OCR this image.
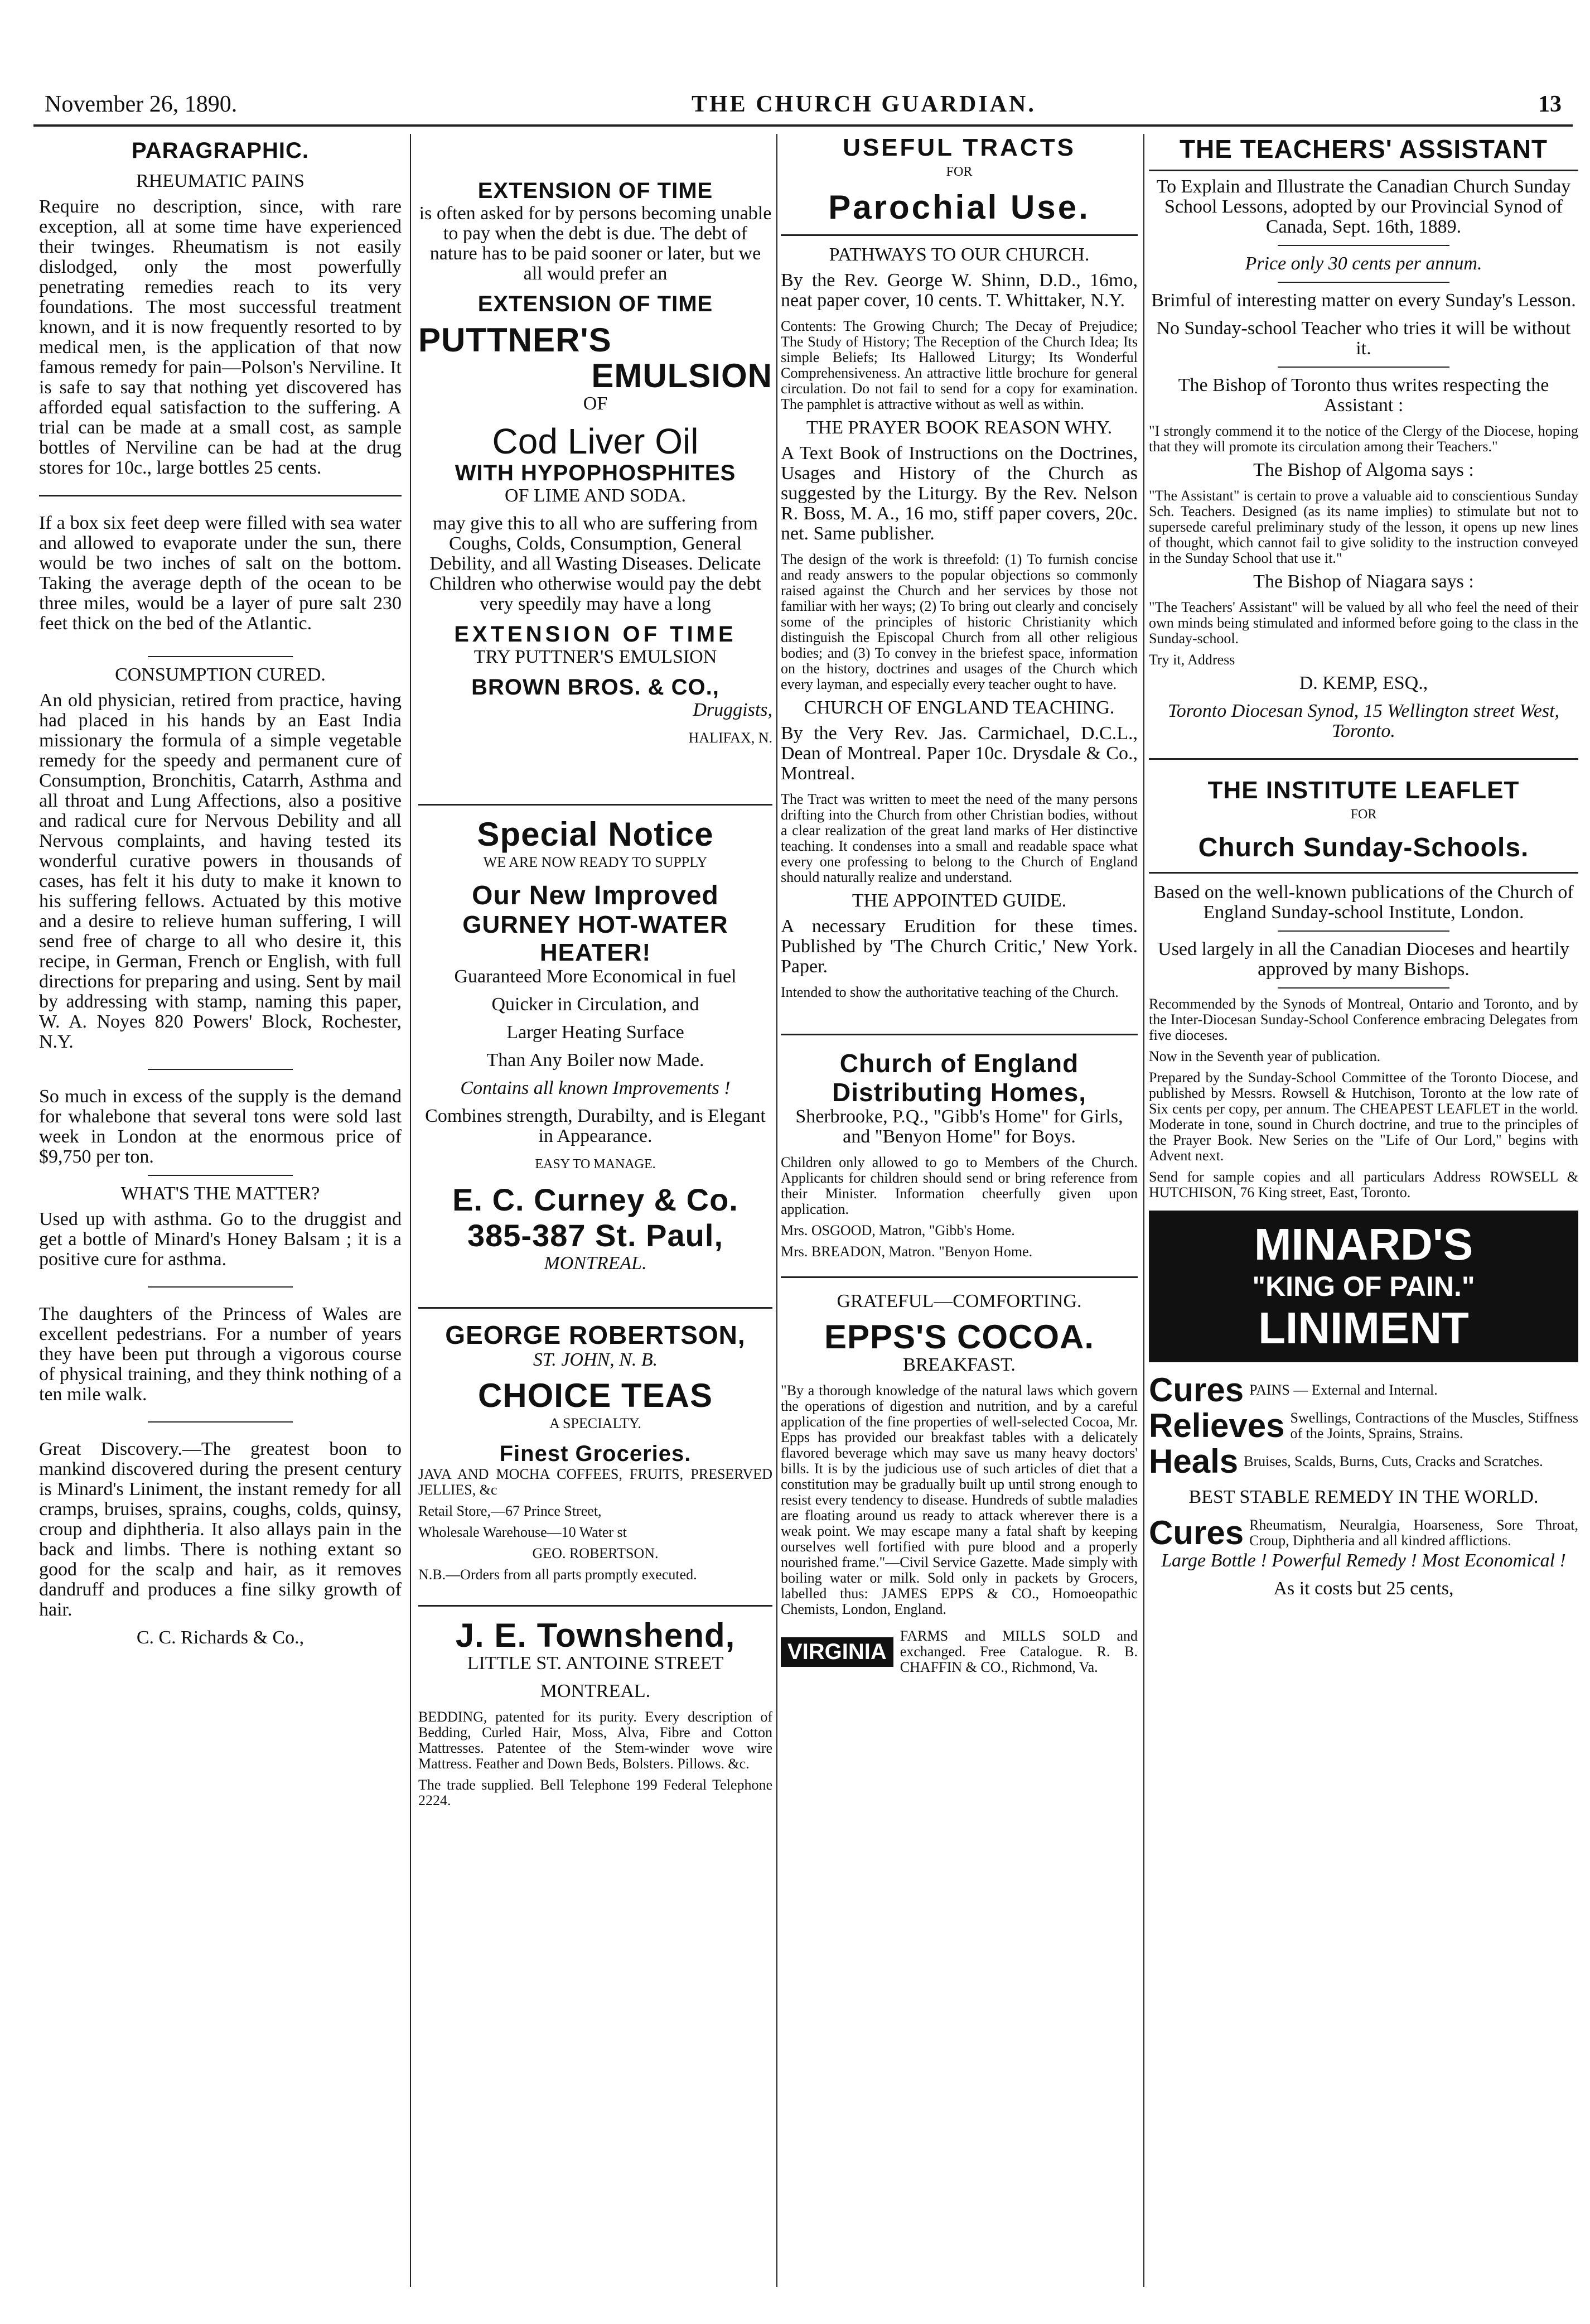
November 26, 1890.	THE CHURCH GUARDIAN.	13
PARAGRAPHIC.
RHEUMATIC PAINS

Require no description, since, with rare exception, all at some time have experienced their twinges. Rheumatism is not easily dislodged, only the most powerfully penetrating remedies reach to its very foundations. The most successful treatment known, and it is now frequently resorted to by medical men, is the application of that now famous remedy for pain—Polson's Nerviline. It is safe to say that nothing yet discovered has afforded equal satisfaction to the suffering. A trial can be made at a small cost, as sample bottles of Nerviline can be had at the drug stores for 10c., large bottles 25 cents.

If a box six feet deep were filled with sea water and allowed to evaporate under the sun, there would be two inches of salt on the bottom. Taking the average depth of the ocean to be three miles, would be a layer of pure salt 230 feet thick on the bed of the Atlantic.

CONSUMPTION CURED.

An old physician, retired from practice, having had placed in his hands by an East India missionary the formula of a simple vegetable remedy for the speedy and permanent cure of Consumption, Bronchitis, Catarrh, Asthma and all throat and Lung Affections, also a positive and radical cure for Nervous Debility and all Nervous complaints, and having tested its wonderful curative powers in thousands of cases, has felt it his duty to make it known to his suffering fellows. Actuated by this motive and a desire to relieve human suffering, I will send free of charge to all who desire it, this recipe, in German, French or English, with full directions for preparing and using. Sent by mail by addressing with stamp, naming this paper, W. A. Noyes 820 Powers' Block, Rochester, N.Y.

So much in excess of the supply is the demand for whalebone that several tons were sold last week in London at the enormous price of $9,750 per ton.

WHAT'S THE MATTER?

Used up with asthma. Go to the druggist and get a bottle of Minard's Honey Balsam ; it is a positive cure for asthma.

The daughters of the Princess of Wales are excellent pedestrians. For a number of years they have been put through a vigorous course of physical training, and they think nothing of a ten mile walk.

Great Discovery.—The greatest boon to mankind discovered during the present century is Minard's Liniment, the instant remedy for all cramps, bruises, sprains, coughs, colds, quinsy, croup and diphtheria. It also allays pain in the back and limbs. There is nothing extant so good for the scalp and hair, as it removes dandruff and produces a fine silky growth of hair.

C. C. Richards & Co.,

EXTENSION OF TIME

is often asked for by persons becoming unable to pay when the debt is due. The debt of nature has to be paid sooner or later, but we all would prefer an

EXTENSION OF TIME
PUTTNER'S
EMULSION

OF

Cod Liver Oil
WITH HYPOPHOSPHITES

OF LIME AND SODA.

may give this to all who are suffering from Coughs, Colds, Consumption, General Debility, and all Wasting Diseases. Delicate Children who otherwise would pay the debt very speedily may have a long

EXTENSION OF TIME

TRY PUTTNER'S EMULSION

BROWN BROS. & CO.,

Druggists,

HALIFAX, N.

Special Notice

WE ARE NOW READY TO SUPPLY

Our New Improved
GURNEY HOT-WATER HEATER!

Guaranteed More Economical in fuel

Quicker in Circulation, and

Larger Heating Surface

Than Any Boiler now Made.

Contains all known Improvements !

Combines strength, Durabilty, and is Elegant in Appearance.

EASY TO MANAGE.

E. C. Curney & Co.
385-387 St. Paul,

MONTREAL.

GEORGE ROBERTSON,

ST. JOHN, N. B.

CHOICE TEAS

A SPECIALTY.

Finest Groceries.

JAVA AND MOCHA COFFEES, FRUITS, PRESERVED JELLIES, &c

Retail Store,—67 Prince Street,

Wholesale Warehouse—10 Water st

GEO. ROBERTSON.

N.B.—Orders from all parts promptly executed.

J. E. Townshend,

LITTLE ST. ANTOINE STREET

MONTREAL.

BEDDING, patented for its purity. Every description of Bedding, Curled Hair, Moss, Alva, Fibre and Cotton Mattresses. Patentee of the Stem-winder wove wire Mattress. Feather and Down Beds, Bolsters. Pillows. &c.

The trade supplied. Bell Telephone 199 Federal Telephone 2224.

USEFUL TRACTS

FOR

Parochial Use.
PATHWAYS TO OUR CHURCH.

By the Rev. George W. Shinn, D.D., 16mo, neat paper cover, 10 cents. T. Whittaker, N.Y.

Contents: The Growing Church; The Decay of Prejudice; The Study of History; The Reception of the Church Idea; Its simple Beliefs; Its Hallowed Liturgy; Its Wonderful Comprehensiveness. An attractive little brochure for general circulation. Do not fail to send for a copy for examination. The pamphlet is attractive without as well as within.

THE PRAYER BOOK REASON WHY.

A Text Book of Instructions on the Doctrines, Usages and History of the Church as suggested by the Liturgy. By the Rev. Nelson R. Boss, M. A., 16 mo, stiff paper covers, 20c. net. Same publisher.

The design of the work is threefold: (1) To furnish concise and ready answers to the popular objections so commonly raised against the Church and her services by those not familiar with her ways; (2) To bring out clearly and concisely some of the principles of historic Christianity which distinguish the Episcopal Church from all other religious bodies; and (3) To convey in the briefest space, information on the history, doctrines and usages of the Church which every layman, and especially every teacher ought to have.

CHURCH OF ENGLAND TEACHING.

By the Very Rev. Jas. Carmichael, D.C.L., Dean of Montreal. Paper 10c. Drysdale & Co., Montreal.

The Tract was written to meet the need of the many persons drifting into the Church from other Christian bodies, without a clear realization of the great land marks of Her distinctive teaching. It condenses into a small and readable space what every one professing to belong to the Church of England should naturally realize and understand.

THE APPOINTED GUIDE.

A necessary Erudition for these times. Published by 'The Church Critic,' New York. Paper.

Intended to show the authoritative teaching of the Church.

Church of England Distributing Homes,

Sherbrooke, P.Q., "Gibb's Home" for Girls, and "Benyon Home" for Boys.

Children only allowed to go to Members of the Church. Applicants for children should send or bring reference from their Minister. Information cheerfully given upon application.

Mrs. OSGOOD, Matron, "Gibb's Home.

Mrs. BREADON, Matron. "Benyon Home.

GRATEFUL—COMFORTING.

EPPS'S COCOA.

BREAKFAST.

"By a thorough knowledge of the natural laws which govern the operations of digestion and nutrition, and by a careful application of the fine properties of well-selected Cocoa, Mr. Epps has provided our breakfast tables with a delicately flavored beverage which may save us many heavy doctors' bills. It is by the judicious use of such articles of diet that a constitution may be gradually built up until strong enough to resist every tendency to disease. Hundreds of subtle maladies are floating around us ready to attack wherever there is a weak point. We may escape many a fatal shaft by keeping ourselves well fortified with pure blood and a properly nourished frame."—Civil Service Gazette. Made simply with boiling water or milk. Sold only in packets by Grocers, labelled thus: JAMES EPPS & CO., Homoeopathic Chemists, London, England.

VIRGINIA
FARMS and MILLS SOLD and exchanged. Free Catalogue. R. B. CHAFFIN & CO., Richmond, Va.
THE TEACHERS' ASSISTANT

To Explain and Illustrate the Canadian Church Sunday School Lessons, adopted by our Provincial Synod of Canada, Sept. 16th, 1889.

Price only 30 cents per annum.

Brimful of interesting matter on every Sunday's Lesson.

No Sunday-school Teacher who tries it will be without it.

The Bishop of Toronto thus writes respecting the Assistant :

"I strongly commend it to the notice of the Clergy of the Diocese, hoping that they will promote its circulation among their Teachers."

The Bishop of Algoma says :

"The Assistant" is certain to prove a valuable aid to conscientious Sunday Sch. Teachers. Designed (as its name implies) to stimulate but not to supersede careful preliminary study of the lesson, it opens up new lines of thought, which cannot fail to give solidity to the instruction conveyed in the Sunday School that use it."

The Bishop of Niagara says :

"The Teachers' Assistant" will be valued by all who feel the need of their own minds being stimulated and informed before going to the class in the Sunday-school.

Try it, Address

D. KEMP, ESQ.,

Toronto Diocesan Synod, 15 Wellington street West, Toronto.

THE INSTITUTE LEAFLET

FOR

Church Sunday-Schools.

Based on the well-known publications of the Church of England Sunday-school Institute, London.

Used largely in all the Canadian Dioceses and heartily approved by many Bishops.

Recommended by the Synods of Montreal, Ontario and Toronto, and by the Inter-Diocesan Sunday-School Conference embracing Delegates from five dioceses.

Now in the Seventh year of publication.

Prepared by the Sunday-School Committee of the Toronto Diocese, and published by Messrs. Rowsell & Hutchison, Toronto at the low rate of Six cents per copy, per annum. The CHEAPEST LEAFLET in the world. Moderate in tone, sound in Church doctrine, and true to the principles of the Prayer Book. New Series on the "Life of Our Lord," begins with Advent next.

Send for sample copies and all particulars Address ROWSELL & HUTCHISON, 76 King street, East, Toronto.

MINARD'S
"KING OF PAIN."
LINIMENT
Cures PAINS — External and Internal.
Relieves Swellings, Contractions of the Muscles, Stiffness of the Joints, Sprains, Strains.
Heals Bruises, Scalds, Burns, Cuts, Cracks and Scratches.

BEST STABLE REMEDY IN THE WORLD.

Cures Rheumatism, Neuralgia, Hoarseness, Sore Throat, Croup, Diphtheria and all kindred afflictions.

Large Bottle ! Powerful Remedy ! Most Economical !

As it costs but 25 cents,
